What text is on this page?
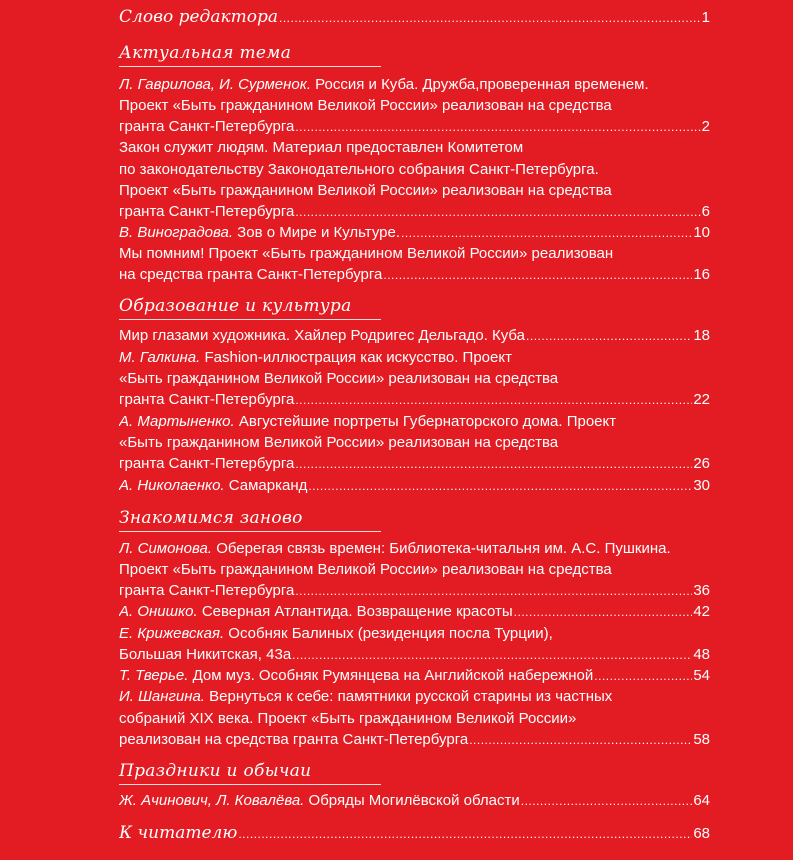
Слово редактора .....	1
Актуальная тема
Л. Гаврилова, И. Сурменок. Россия и Куба. Дружба,проверенная временем.
Проект «Быть гражданином Великой России» реализован на средства
гранта Санкт-Петербурга .....	2
Закон служит людям. Материал предоставлен Комитетом
по законодательству Законодательного собрания Санкт-Петербурга.
Проект «Быть гражданином Великой России» реализован на средства
гранта Санкт-Петербурга .....	6
В. Виноградова. Зов о Мире и Культуре. .....	10
Мы помним! Проект «Быть гражданином Великой России» реализован
на средства гранта Санкт-Петербурга .....	16
Образование и культура
Мир глазами художника. Хайлер Родригес Дельгадо. Куба .....	18
М. Галкина. Fashion-иллюстрация как искусство. Проект
«Быть гражданином Великой России» реализован на средства
гранта Санкт-Петербурга .....	22
А. Мартыненко. Августейшие портреты Губернаторского дома. Проект
«Быть гражданином Великой России» реализован на средства
гранта Санкт-Петербурга .....	26
А. Николаенко. Самарканд .....	30
Знакомимся заново
Л. Симонова. Оберегая связь времен: Библиотека-читальня им. А.С. Пушкина.
Проект «Быть гражданином Великой России» реализован на средства
гранта Санкт-Петербурга .....	36
А. Онишко. Северная Атлантида. Возвращение красоты .....	42
Е. Крижевская. Особняк Балиных (резиденция посла Турции),
Большая Никитская, 43а .....	48
Т. Тверье. Дом муз. Особняк Румянцева на Английской набережной .....	54
И. Шангина. Вернуться к себе: памятники русской старины из частных
собраний XIX века. Проект «Быть гражданином Великой России»
реализован на средства гранта Санкт-Петербурга .....	58
Праздники и обычаи
Ж. Ачинович, Л. Ковалёва. Обряды Могилёвской области .....	64
К читателю .....	68
